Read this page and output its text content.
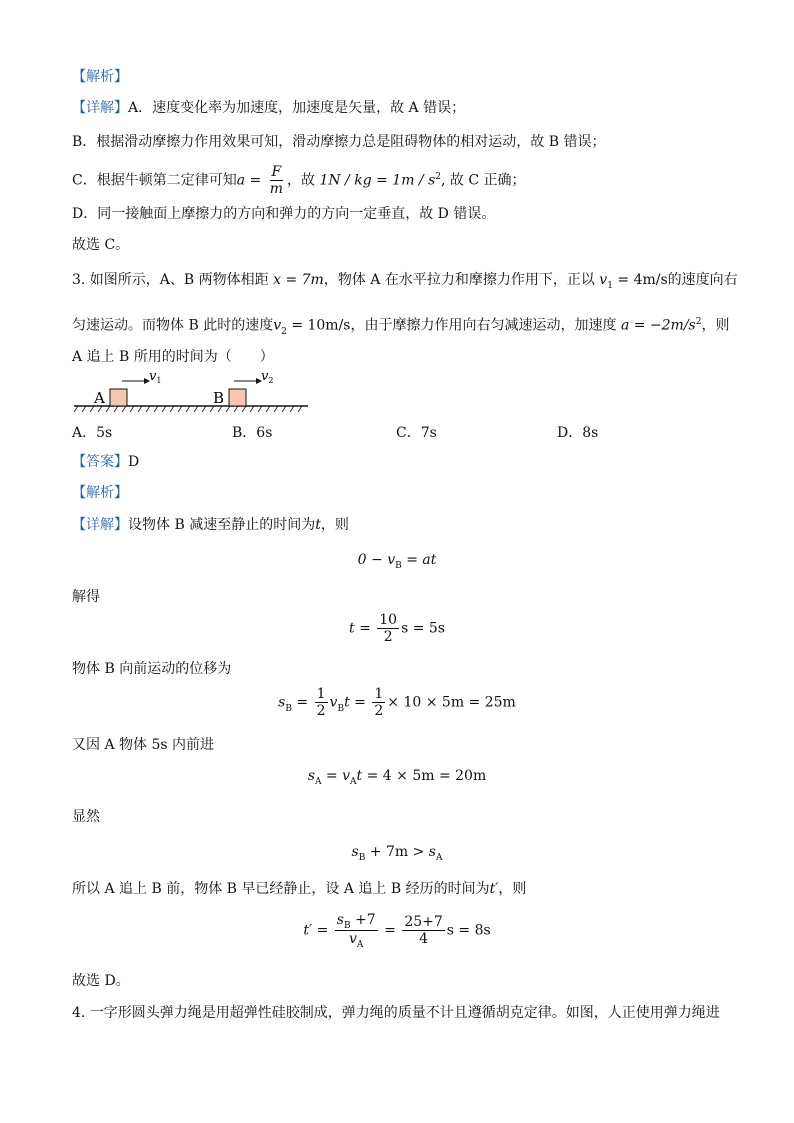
【解析】
【详解】A．速度变化率为加速度，加速度是矢量，故 A 错误；
B．根据滑动摩擦力作用效果可知，滑动摩擦力总是阻碍物体的相对运动，故 B 错误；
C．根据牛顿第二定律可知$a = \frac{F}{m}$ ，故 1N / kg = $1m / s^2$, 故 C 正确；
D．同一接触面上摩擦力的方向和弹力的方向一定垂直，故 D 错误。
故选 C。
3. 如图所示，A、B 两物体相距 x = 7m，物体 A 在水平拉力和摩擦力作用下，正以 $v_1 = 4m/s$的速度向右
匀速运动。而物体 B 此时的速度$v_2 = 10m/s$，由于摩擦力作用向右匀减速运动，加速度 $a = -2m/s^2$，则
A 追上 B 所用的时间为（　　）
A	B
$v_1$	$v_2$
A．5s	B．6s	C．7s	D．8s
【答案】D
【解析】
【详解】设物体 B 减速至静止的时间为t，则
$0 - v_B$ = at
解得
$t = \frac{10}{2}$ s = 5s
物体 B 向前运动的位移为
$s_B = \frac{1}{2} v_Bt = \frac{1}{2} \times 10 \times 5m = 25m$
又因 A 物体 5s 内前进
$s_A = v_At = 4 \times 5m = 20m$
显然
$s_B + 7m > s_A$
所以 A 追上 B 前，物体 B 早已经静止，设 A 追上 B 经历的时间为t′，则
$t' = \frac{s_B +7}{v_A} = \frac{25+7}{4}$ s = 8s
故选 D。
4. 一字形圆头弹力绳是用超弹性硅胶制成，弹力绳的质量不计且遵循胡克定律。如图，人正使用弹力绳进
